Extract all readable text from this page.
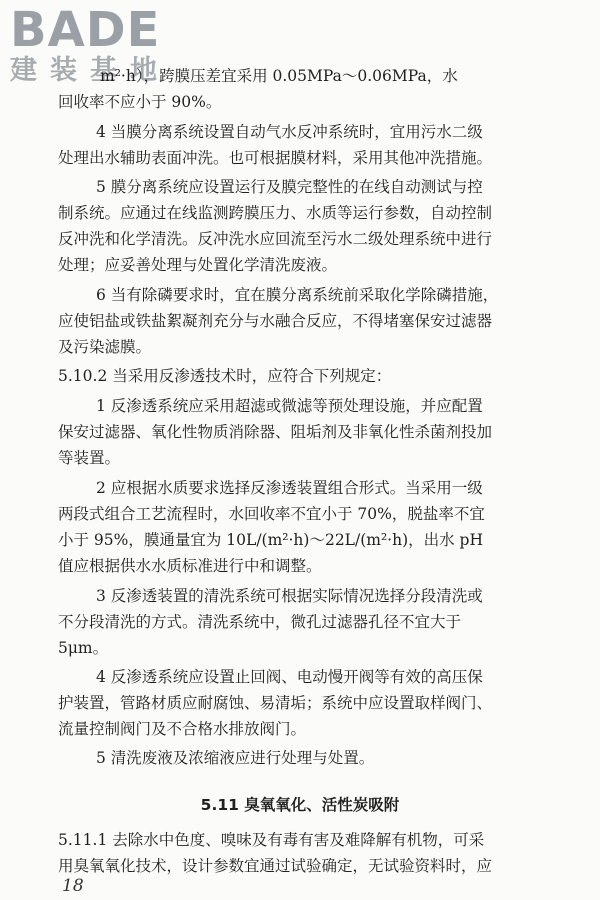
BADE
建装基地
m²·h），跨膜压差宜采用 0.05MPa～0.06MPa，水
回收率不应小于 90%。
4 当膜分离系统设置自动气水反冲系统时，宜用污水二级
处理出水辅助表面冲洗。也可根据膜材料，采用其他冲洗措施。
5 膜分离系统应设置运行及膜完整性的在线自动测试与控
制系统。应通过在线监测跨膜压力、水质等运行参数，自动控制
反冲洗和化学清洗。反冲洗水应回流至污水二级处理系统中进行
处理；应妥善处理与处置化学清洗废液。
6 当有除磷要求时，宜在膜分离系统前采取化学除磷措施，
应使铝盐或铁盐絮凝剂充分与水融合反应，不得堵塞保安过滤器
及污染滤膜。
5.10.2 当采用反渗透技术时，应符合下列规定：
1 反渗透系统应采用超滤或微滤等预处理设施，并应配置
保安过滤器、氧化性物质消除器、阻垢剂及非氧化性杀菌剂投加
等装置。
2 应根据水质要求选择反渗透装置组合形式。当采用一级
两段式组合工艺流程时，水回收率不宜小于 70%，脱盐率不宜
小于 95%，膜通量宜为 10L/(m²·h)～22L/(m²·h)，出水 pH
值应根据供水水质标准进行中和调整。
3 反渗透装置的清洗系统可根据实际情况选择分段清洗或
不分段清洗的方式。清洗系统中，微孔过滤器孔径不宜大于
5μm。
4 反渗透系统应设置止回阀、电动慢开阀等有效的高压保
护装置，管路材质应耐腐蚀、易清垢；系统中应设置取样阀门、
流量控制阀门及不合格水排放阀门。
5 清洗废液及浓缩液应进行处理与处置。
5.11 臭氧氧化、活性炭吸附
5.11.1 去除水中色度、嗅味及有毒有害及难降解有机物，可采
用臭氧氧化技术，设计参数宜通过试验确定，无试验资料时，应
18
